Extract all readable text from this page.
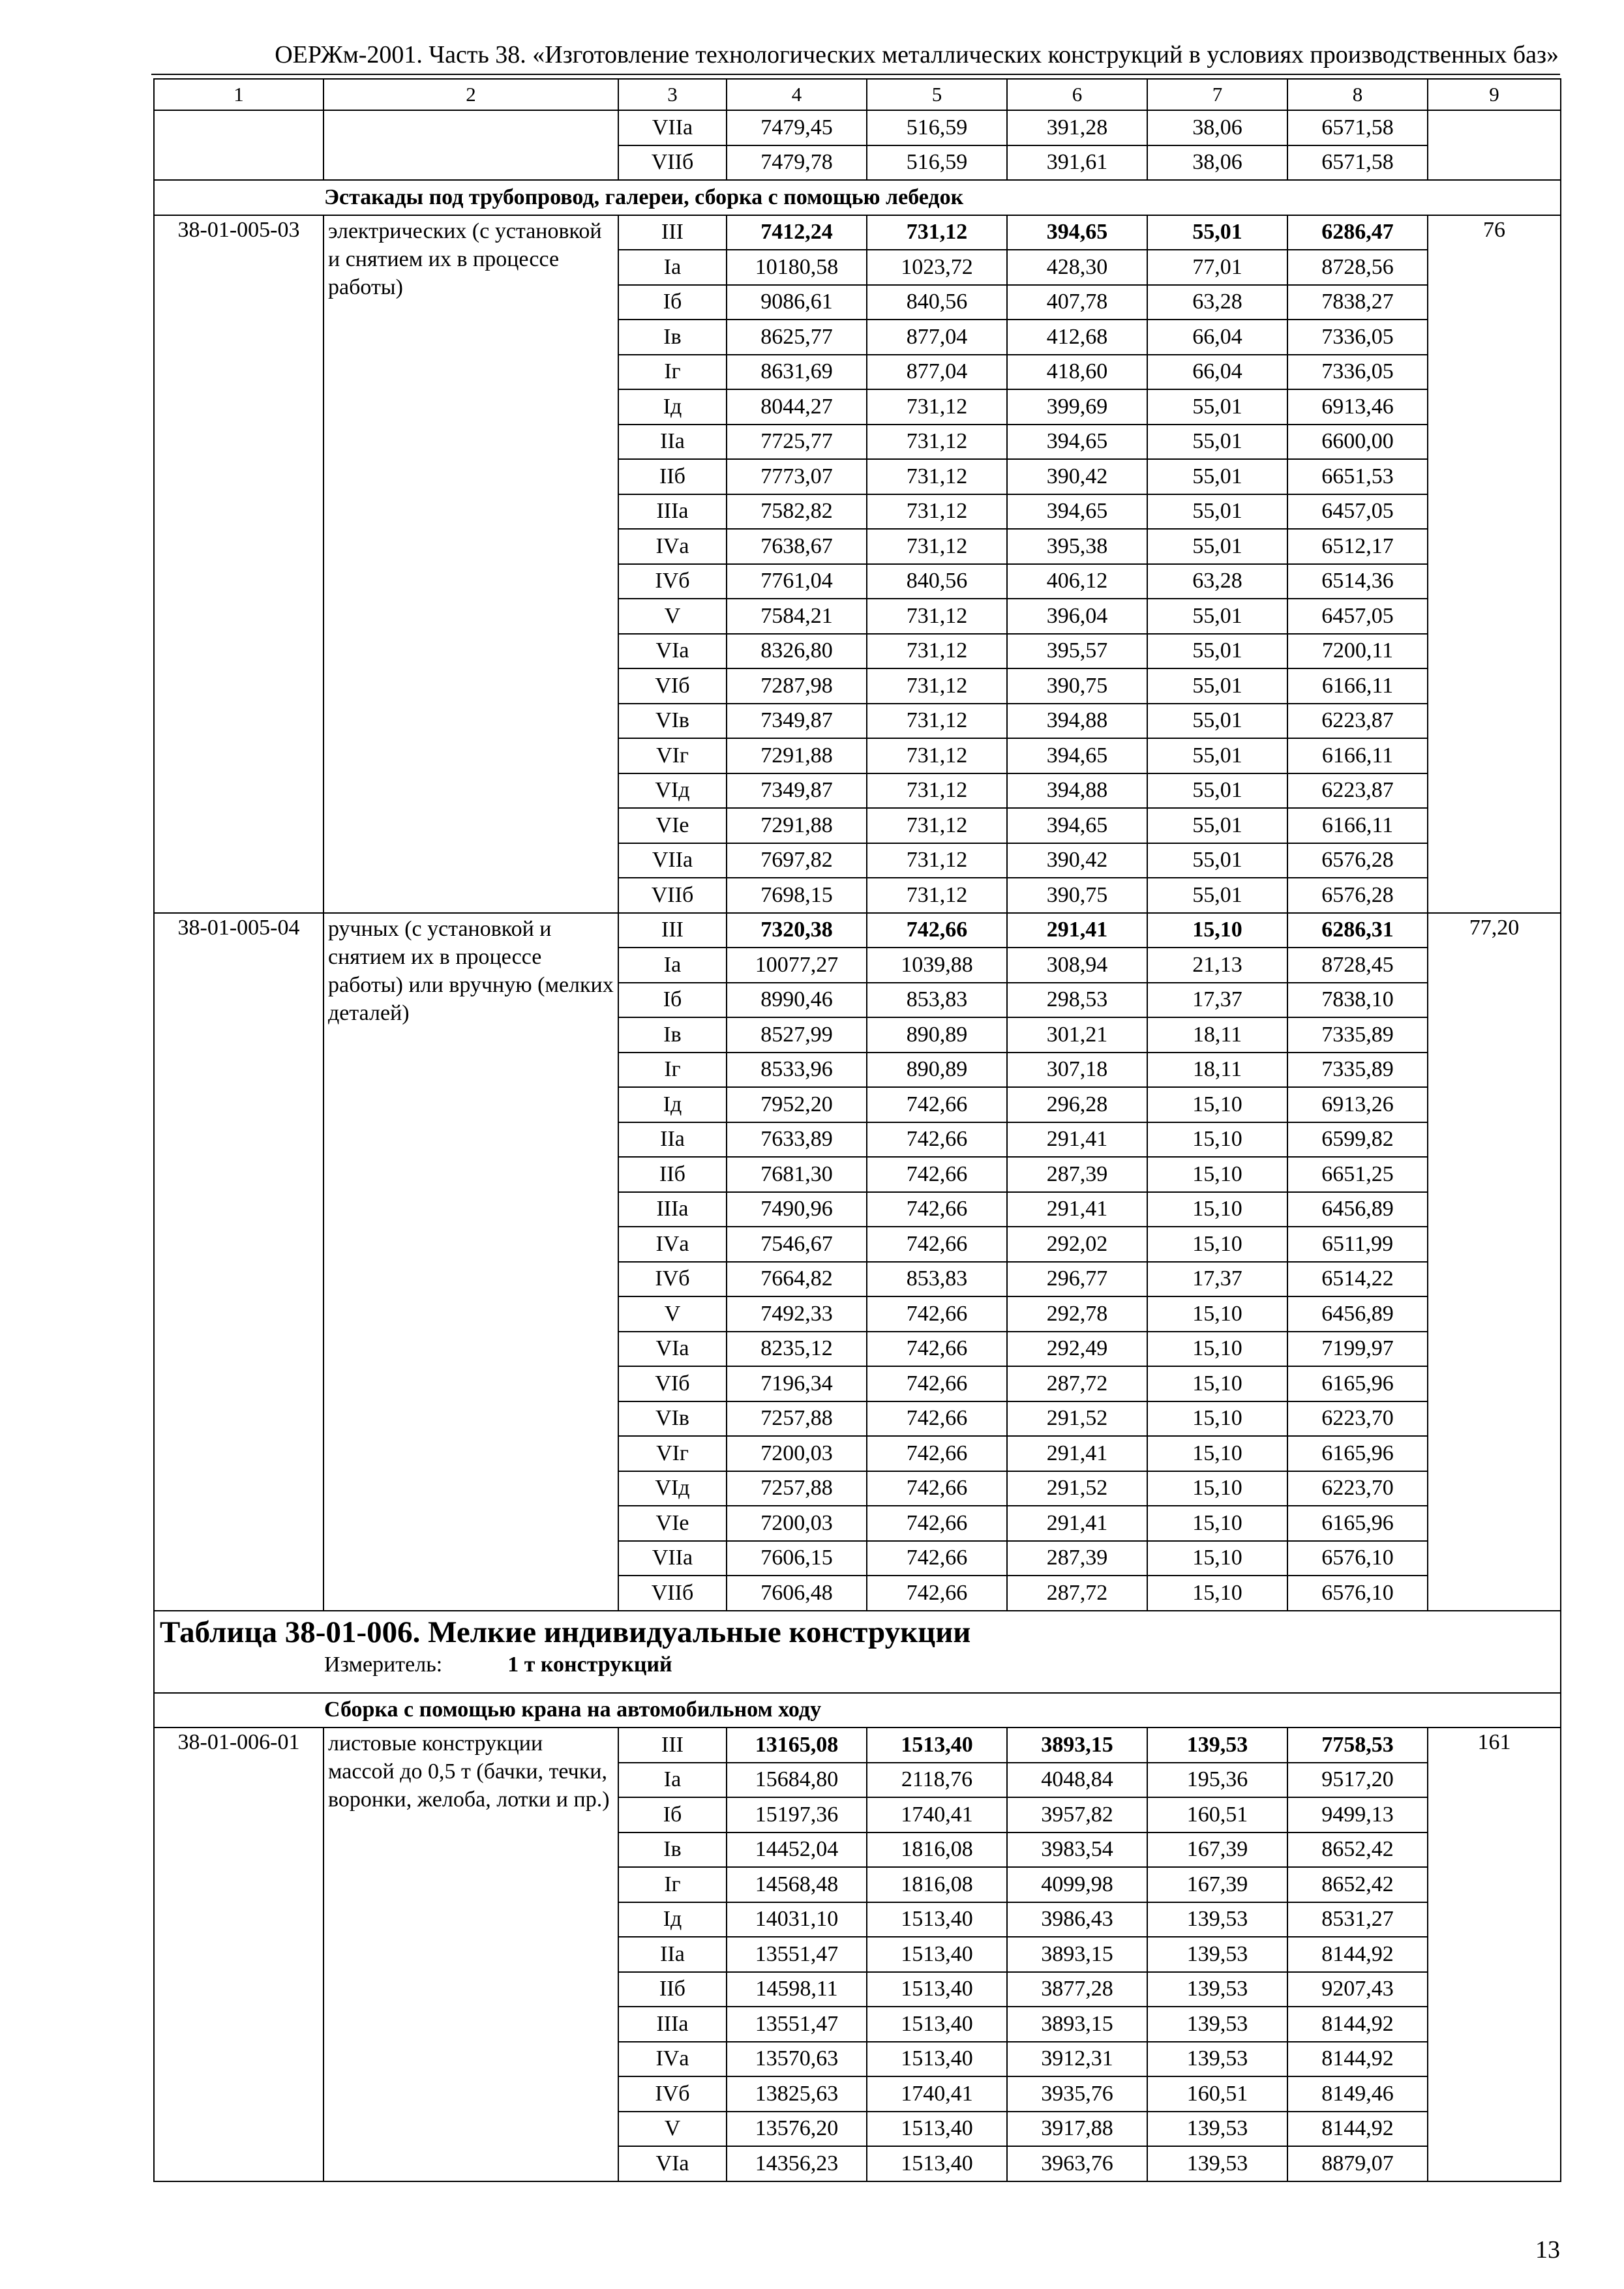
ОЕРЖм-2001. Часть 38. «Изготовление технологических металлических конструкций в условиях производственных баз»
1	2	3	4	5	6	7	8	9
		VIIа	7479,45	516,59	391,28	38,06	6571,58	
		VIIб	7479,78	516,59	391,61	38,06	6571,58	
Эстакады под трубопровод, галереи, сборка с помощью лебедок								
38-01-005-03	электрических (с установкой и снятием их в процессе работы)	III	7412,24	731,12	394,65	55,01	6286,47	76
		Iа	10180,58	1023,72	428,30	77,01	8728,56	
		Iб	9086,61	840,56	407,78	63,28	7838,27	
		Iв	8625,77	877,04	412,68	66,04	7336,05	
		Iг	8631,69	877,04	418,60	66,04	7336,05	
		Iд	8044,27	731,12	399,69	55,01	6913,46	
		IIа	7725,77	731,12	394,65	55,01	6600,00	
		IIб	7773,07	731,12	390,42	55,01	6651,53	
		IIIа	7582,82	731,12	394,65	55,01	6457,05	
		IVа	7638,67	731,12	395,38	55,01	6512,17	
		IVб	7761,04	840,56	406,12	63,28	6514,36	
		V	7584,21	731,12	396,04	55,01	6457,05	
		VIа	8326,80	731,12	395,57	55,01	7200,11	
		VIб	7287,98	731,12	390,75	55,01	6166,11	
		VIв	7349,87	731,12	394,88	55,01	6223,87	
		VIг	7291,88	731,12	394,65	55,01	6166,11	
		VIд	7349,87	731,12	394,88	55,01	6223,87	
		VIе	7291,88	731,12	394,65	55,01	6166,11	
		VIIа	7697,82	731,12	390,42	55,01	6576,28	
		VIIб	7698,15	731,12	390,75	55,01	6576,28	
38-01-005-04	ручных (с установкой и снятием их в процессе работы) или вручную (мелких деталей)	III	7320,38	742,66	291,41	15,10	6286,31	77,20
		Iа	10077,27	1039,88	308,94	21,13	8728,45	
		Iб	8990,46	853,83	298,53	17,37	7838,10	
		Iв	8527,99	890,89	301,21	18,11	7335,89	
		Iг	8533,96	890,89	307,18	18,11	7335,89	
		Iд	7952,20	742,66	296,28	15,10	6913,26	
		IIа	7633,89	742,66	291,41	15,10	6599,82	
		IIб	7681,30	742,66	287,39	15,10	6651,25	
		IIIа	7490,96	742,66	291,41	15,10	6456,89	
		IVа	7546,67	742,66	292,02	15,10	6511,99	
		IVб	7664,82	853,83	296,77	17,37	6514,22	
		V	7492,33	742,66	292,78	15,10	6456,89	
		VIа	8235,12	742,66	292,49	15,10	7199,97	
		VIб	7196,34	742,66	287,72	15,10	6165,96	
		VIв	7257,88	742,66	291,52	15,10	6223,70	
		VIг	7200,03	742,66	291,41	15,10	6165,96	
		VIд	7257,88	742,66	291,52	15,10	6223,70	
		VIе	7200,03	742,66	291,41	15,10	6165,96	
		VIIа	7606,15	742,66	287,39	15,10	6576,10	
		VIIб	7606,48	742,66	287,72	15,10	6576,10	

Таблица 38-01-006. Мелкие индивидуальные конструкции
Измеритель: 1 т конструкций								

Сборка с помощью крана на автомобильном ходу								
38-01-006-01	листовые конструкции массой до 0,5 т (бачки, течки, воронки, желоба, лотки и пр.)	III	13165,08	1513,40	3893,15	139,53	7758,53	161
		Iа	15684,80	2118,76	4048,84	195,36	9517,20	
		Iб	15197,36	1740,41	3957,82	160,51	9499,13	
		Iв	14452,04	1816,08	3983,54	167,39	8652,42	
		Iг	14568,48	1816,08	4099,98	167,39	8652,42	
		Iд	14031,10	1513,40	3986,43	139,53	8531,27	
		IIа	13551,47	1513,40	3893,15	139,53	8144,92	
		IIб	14598,11	1513,40	3877,28	139,53	9207,43	
		IIIа	13551,47	1513,40	3893,15	139,53	8144,92	
		IVа	13570,63	1513,40	3912,31	139,53	8144,92	
		IVб	13825,63	1740,41	3935,76	160,51	8149,46	
		V	13576,20	1513,40	3917,88	139,53	8144,92	
		VIа	14356,23	1513,40	3963,76	139,53	8879,07	
13
